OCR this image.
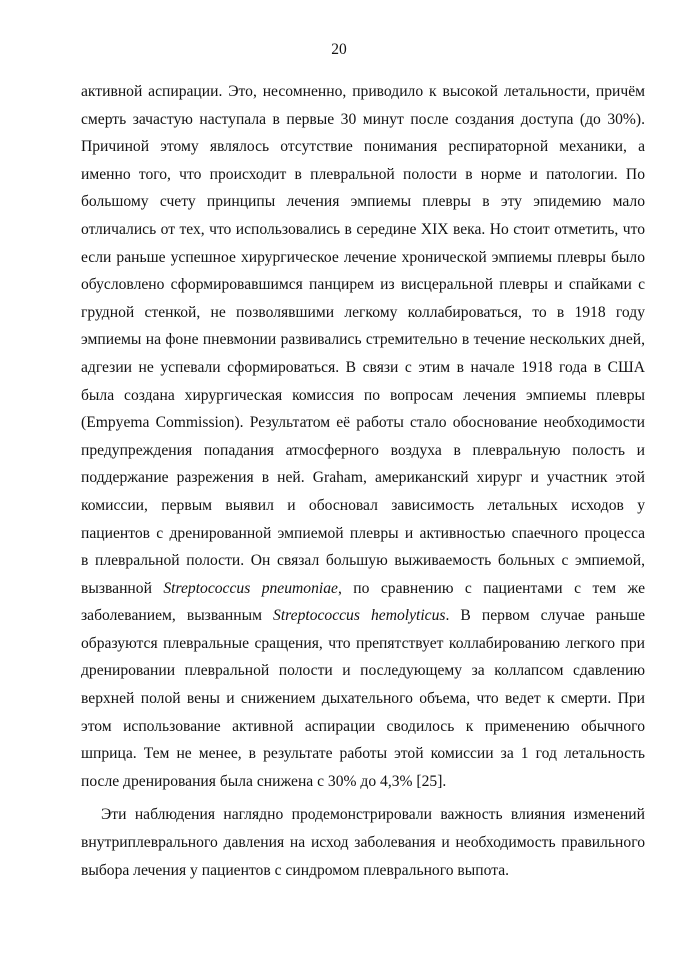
20
активной аспирации. Это, несомненно, приводило к высокой летальности, причём
смерть зачастую наступала в первые 30 минут после создания доступа (до 30%).
Причиной этому являлось отсутствие понимания респираторной механики, а
именно того, что происходит в плевральной полости в норме и патологии. По
большому счету принципы лечения эмпиемы плевры в эту эпидемию мало
отличались от тех, что использовались в середине XIX века. Но стоит отметить, что
если раньше успешное хирургическое лечение хронической эмпиемы плевры было
обусловлено сформировавшимся панцирем из висцеральной плевры и спайками с
грудной стенкой, не позволявшими легкому коллабироваться, то в 1918 году
эмпиемы на фоне пневмонии развивались стремительно в течение нескольких дней,
адгезии не успевали сформироваться. В связи с этим в начале 1918 года в США
была создана хирургическая комиссия по вопросам лечения эмпиемы плевры
(Empyema Commission). Результатом её работы стало обоснование необходимости
предупреждения попадания атмосферного воздуха в плевральную полость и
поддержание разрежения в ней. Graham, американский хирург и участник этой
комиссии, первым выявил и обосновал зависимость летальных исходов у
пациентов с дренированной эмпиемой плевры и активностью спаечного процесса
в плевральной полости. Он связал большую выживаемость больных с эмпиемой,
вызванной Streptococcus pneumoniae, по сравнению с пациентами с тем же
заболеванием, вызванным Streptococcus hemolyticus. В первом случае раньше
образуются плевральные сращения, что препятствует коллабированию легкого при
дренировании плевральной полости и последующему за коллапсом сдавлению
верхней полой вены и снижением дыхательного объема, что ведет к смерти. При
этом использование активной аспирации сводилось к применению обычного
шприца. Тем не менее, в результате работы этой комиссии за 1 год летальность
после дренирования была снижена с 30% до 4,3% [25].
Эти наблюдения наглядно продемонстрировали важность влияния изменений
внутриплеврального давления на исход заболевания и необходимость правильного
выбора лечения у пациентов с синдромом плеврального выпота.
